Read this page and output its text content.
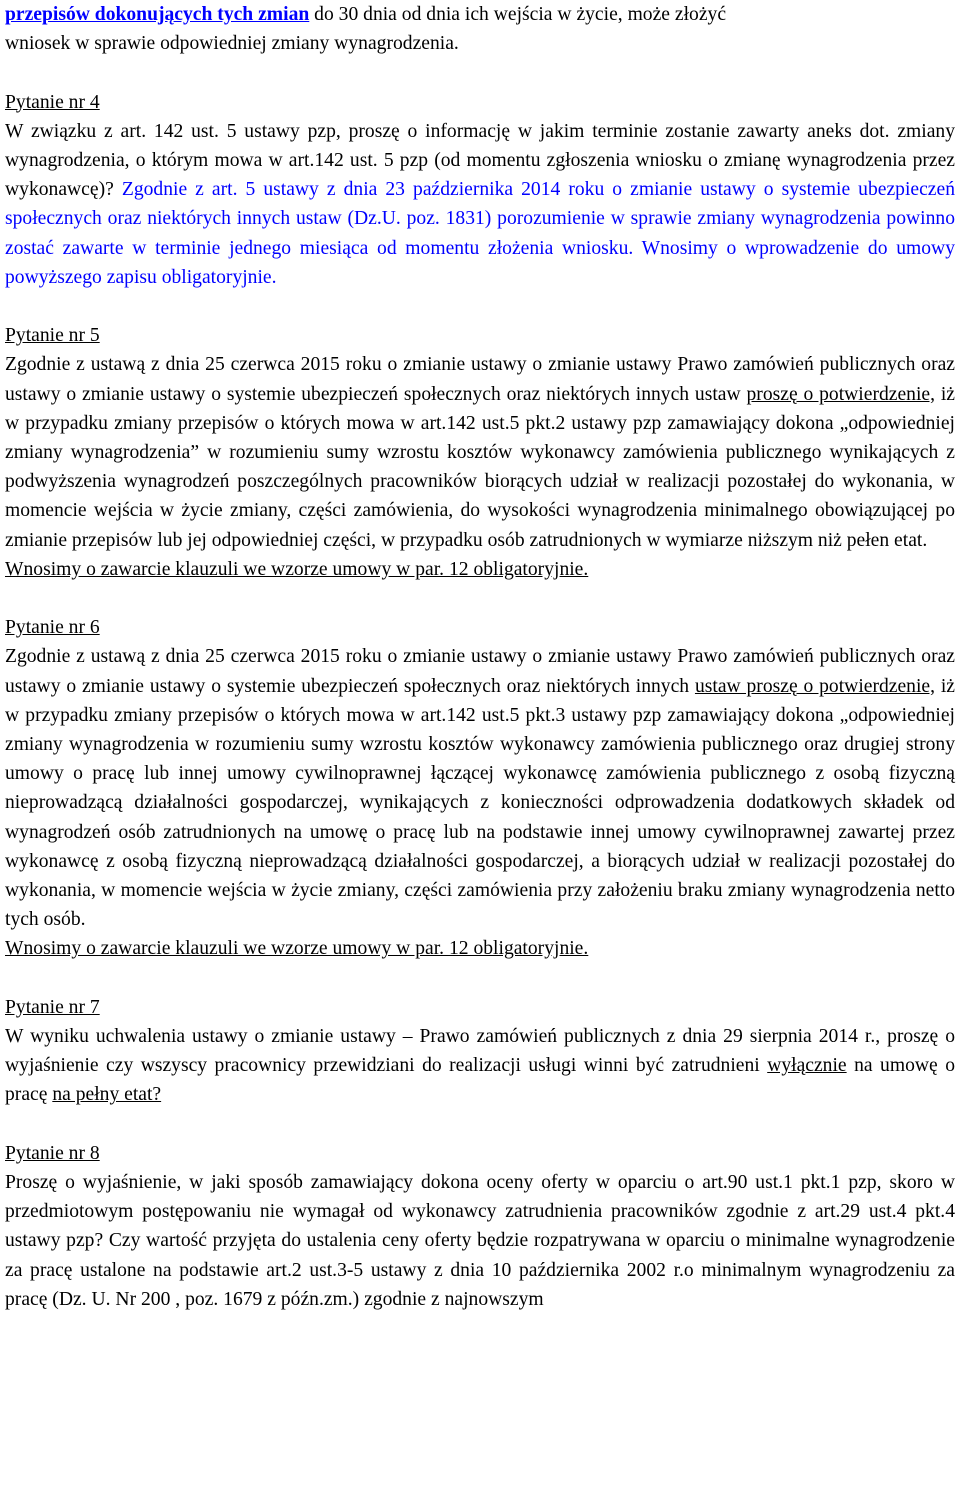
przepisów dokonujących tych zmian do 30 dnia od dnia ich wejścia w życie, może złożyć

wniosek w sprawie odpowiedniej zmiany wynagrodzenia.

Pytanie nr 4

W związku z art. 142 ust. 5 ustawy pzp, proszę o informację w jakim terminie zostanie zawarty aneks dot. zmiany wynagrodzenia, o którym mowa w art.142 ust. 5 pzp (od momentu zgłoszenia wniosku o zmianę wynagrodzenia przez wykonawcę)? Zgodnie z art. 5 ustawy z dnia 23 października 2014 roku o zmianie ustawy o systemie ubezpieczeń społecznych oraz niektórych innych ustaw (Dz.U. poz. 1831) porozumienie w sprawie zmiany wynagrodzenia powinno zostać zawarte w terminie jednego miesiąca od momentu złożenia wniosku. Wnosimy o wprowadzenie do umowy powyższego zapisu obligatoryjnie.

Pytanie nr 5

Zgodnie z ustawą z dnia 25 czerwca 2015 roku o zmianie ustawy o zmianie ustawy Prawo zamówień publicznych oraz ustawy o zmianie ustawy o systemie ubezpieczeń społecznych oraz niektórych innych ustaw proszę o potwierdzenie, iż w przypadku zmiany przepisów o których mowa w art.142 ust.5 pkt.2 ustawy pzp zamawiający dokona „odpowiedniej zmiany wynagrodzenia” w rozumieniu sumy wzrostu kosztów wykonawcy zamówienia publicznego wynikających z podwyższenia wynagrodzeń poszczególnych pracowników biorących udział w realizacji pozostałej do wykonania, w momencie wejścia w życie zmiany, części zamówienia, do wysokości wynagrodzenia minimalnego obowiązującej po zmianie przepisów lub jej odpowiedniej części, w przypadku osób zatrudnionych w wymiarze niższym niż pełen etat.

Wnosimy o zawarcie klauzuli we wzorze umowy w par. 12 obligatoryjnie.

Pytanie nr 6

Zgodnie z ustawą z dnia 25 czerwca 2015 roku o zmianie ustawy o zmianie ustawy Prawo zamówień publicznych oraz ustawy o zmianie ustawy o systemie ubezpieczeń społecznych oraz niektórych innych ustaw proszę o potwierdzenie, iż w przypadku zmiany przepisów o których mowa w art.142 ust.5 pkt.3 ustawy pzp zamawiający dokona „odpowiedniej zmiany wynagrodzenia w rozumieniu sumy wzrostu kosztów wykonawcy zamówienia publicznego oraz drugiej strony umowy o pracę lub innej umowy cywilnoprawnej łączącej wykonawcę zamówienia publicznego z osobą fizyczną nieprowadzącą działalności gospodarczej, wynikających z konieczności odprowadzenia dodatkowych składek od wynagrodzeń osób zatrudnionych na umowę o pracę lub na podstawie innej umowy cywilnoprawnej zawartej przez wykonawcę z osobą fizyczną nieprowadzącą działalności gospodarczej, a biorących udział w realizacji pozostałej do wykonania, w momencie wejścia w życie zmiany, części zamówienia przy założeniu braku zmiany wynagrodzenia netto tych osób.

Wnosimy o zawarcie klauzuli we wzorze umowy w par. 12 obligatoryjnie.

Pytanie nr 7

W wyniku uchwalenia ustawy o zmianie ustawy – Prawo zamówień publicznych z dnia 29 sierpnia 2014 r., proszę o wyjaśnienie czy wszyscy pracownicy przewidziani do realizacji usługi winni być zatrudnieni wyłącznie na umowę o pracę na pełny etat?

Pytanie nr 8

Proszę o wyjaśnienie, w jaki sposób zamawiający dokona oceny oferty w oparciu o art.90 ust.1 pkt.1 pzp, skoro w przedmiotowym postępowaniu nie wymagał od wykonawcy zatrudnienia pracowników zgodnie z art.29 ust.4 pkt.4 ustawy pzp? Czy wartość przyjęta do ustalenia ceny oferty będzie rozpatrywana w oparciu o minimalne wynagrodzenie za pracę ustalone na podstawie art.2 ust.3-5 ustawy z dnia 10 października 2002 r.o minimalnym wynagrodzeniu za pracę (Dz. U. Nr 200 , poz. 1679 z późn.zm.) zgodnie z najnowszym
